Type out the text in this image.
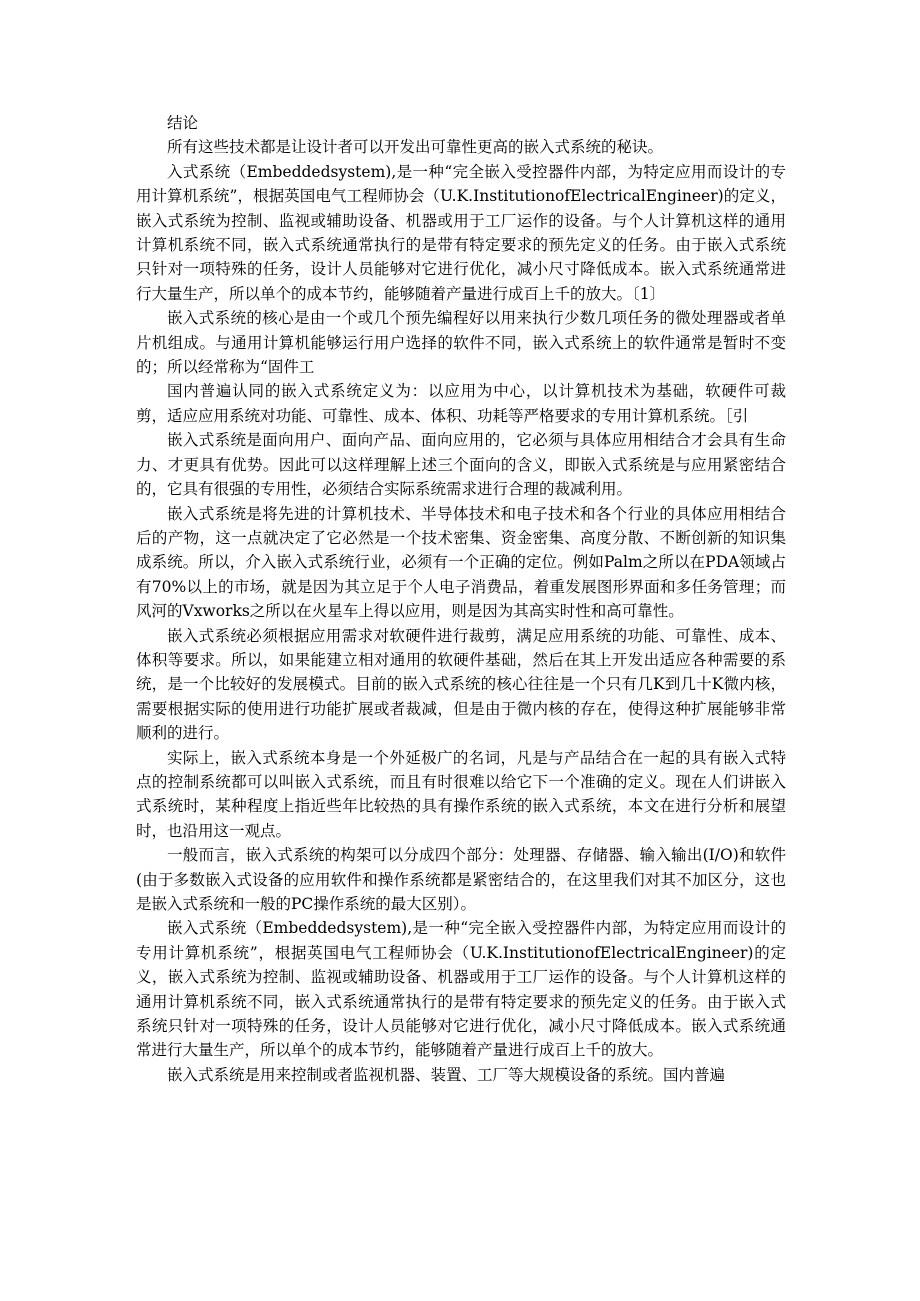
结论

所有这些技术都是让设计者可以开发出可靠性更高的嵌入式系统的秘诀。

入式系统（Embeddedsystem),是一种“完全嵌入受控器件内部，为特定应用而设计的专用计算机系统”，根据英国电气工程师协会（U.K.InstitutionofElectricalEngineer)的定义，嵌入式系统为控制、监视或辅助设备、机器或用于工厂运作的设备。与个人计算机这样的通用计算机系统不同，嵌入式系统通常执行的是带有特定要求的预先定义的任务。由于嵌入式系统只针对一项特殊的任务，设计人员能够对它进行优化，减小尺寸降低成本。嵌入式系统通常进行大量生产，所以单个的成本节约，能够随着产量进行成百上千的放大。〔1〕

嵌入式系统的核心是由一个或几个预先编程好以用来执行少数几项任务的微处理器或者单片机组成。与通用计算机能够运行用户选择的软件不同，嵌入式系统上的软件通常是暂时不变的；所以经常称为“固件工

国内普遍认同的嵌入式系统定义为：以应用为中心，以计算机技术为基础，软硬件可裁剪，适应应用系统对功能、可靠性、成本、体积、功耗等严格要求的专用计算机系统。［引

嵌入式系统是面向用户、面向产品、面向应用的，它必须与具体应用相结合才会具有生命力、才更具有优势。因此可以这样理解上述三个面向的含义，即嵌入式系统是与应用紧密结合的，它具有很强的专用性，必须结合实际系统需求进行合理的裁减利用。

嵌入式系统是将先进的计算机技术、半导体技术和电子技术和各个行业的具体应用相结合后的产物，这一点就决定了它必然是一个技术密集、资金密集、高度分散、不断创新的知识集成系统。所以，介入嵌入式系统行业，必须有一个正确的定位。例如Palm之所以在PDA领域占有70%以上的市场，就是因为其立足于个人电子消费品，着重发展图形界面和多任务管理；而风河的Vxworks之所以在火星车上得以应用，则是因为其高实时性和高可靠性。

嵌入式系统必须根据应用需求对软硬件进行裁剪，满足应用系统的功能、可靠性、成本、体积等要求。所以，如果能建立相对通用的软硬件基础，然后在其上开发出适应各种需要的系统，是一个比较好的发展模式。目前的嵌入式系统的核心往往是一个只有几K到几十K微内核，需要根据实际的使用进行功能扩展或者裁减，但是由于微内核的存在，使得这种扩展能够非常顺利的进行。

实际上，嵌入式系统本身是一个外延极广的名词，凡是与产品结合在一起的具有嵌入式特点的控制系统都可以叫嵌入式系统，而且有时很难以给它下一个准确的定义。现在人们讲嵌入式系统时，某种程度上指近些年比较热的具有操作系统的嵌入式系统，本文在进行分析和展望时，也沿用这一观点。

一般而言，嵌入式系统的构架可以分成四个部分：处理器、存储器、输入输出(I/O)和软件(由于多数嵌入式设备的应用软件和操作系统都是紧密结合的，在这里我们对其不加区分，这也是嵌入式系统和一般的PC操作系统的最大区别）。

嵌入式系统（Embeddedsystem),是一种“完全嵌入受控器件内部，为特定应用而设计的专用计算机系统”，根据英国电气工程师协会（U.K.InstitutionofElectricalEngineer)的定义，嵌入式系统为控制、监视或辅助设备、机器或用于工厂运作的设备。与个人计算机这样的通用计算机系统不同，嵌入式系统通常执行的是带有特定要求的预先定义的任务。由于嵌入式系统只针对一项特殊的任务，设计人员能够对它进行优化，减小尺寸降低成本。嵌入式系统通常进行大量生产，所以单个的成本节约，能够随着产量进行成百上千的放大。

嵌入式系统是用来控制或者监视机器、装置、工厂等大规模设备的系统。国内普遍
